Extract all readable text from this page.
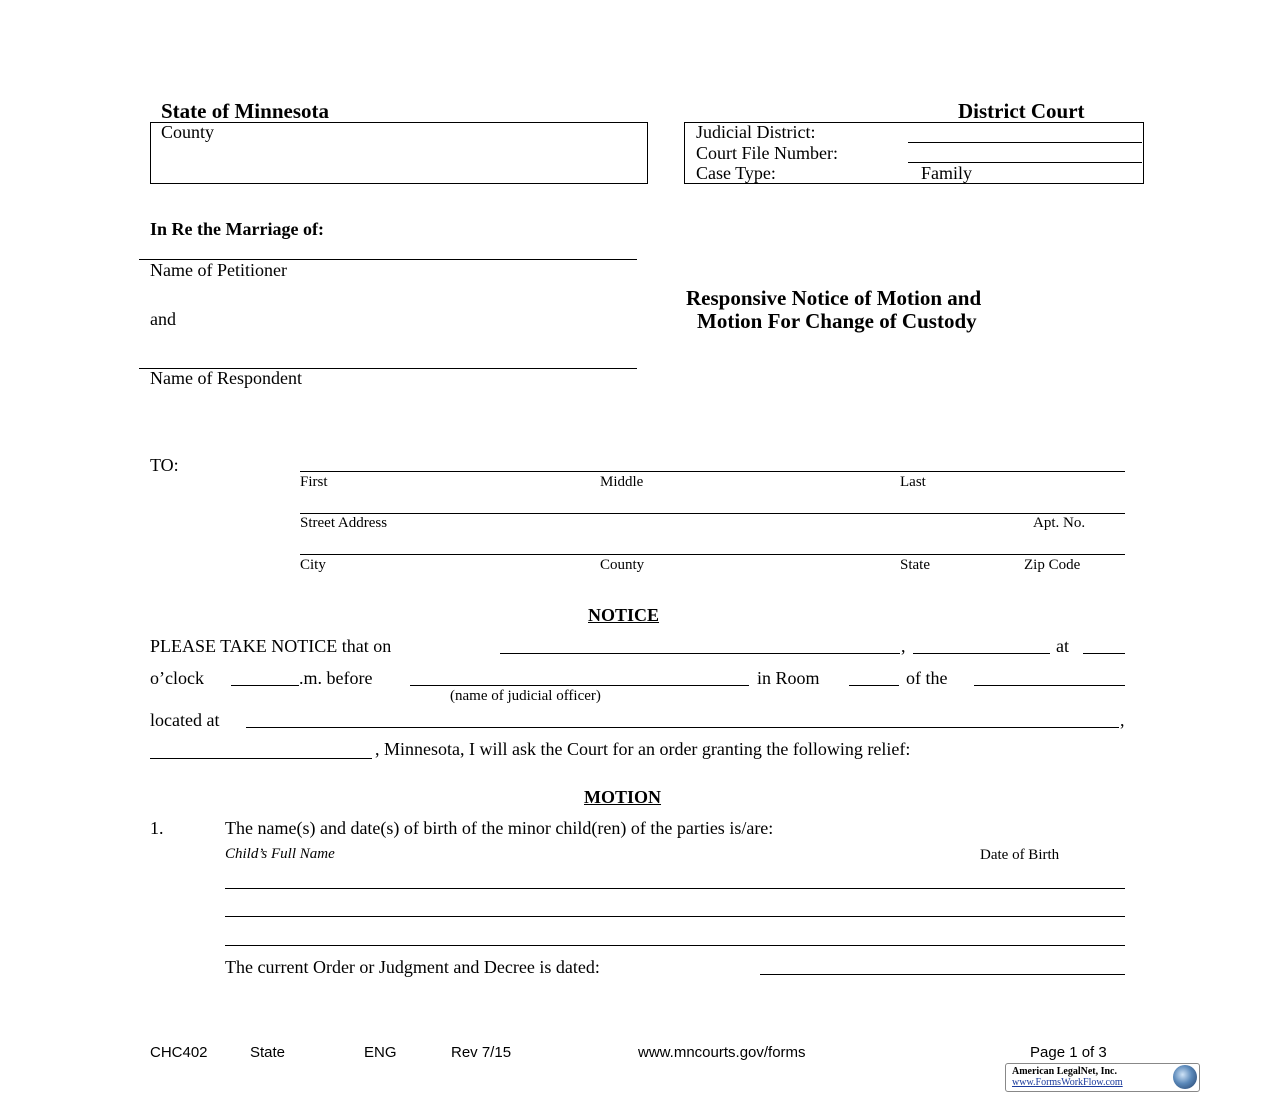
State of Minnesota	District Court
County	Judicial District:
Court File Number:
Case Type:	Family
In Re the Marriage of:
Name of Petitioner
and
Name of Respondent
Responsive Notice of Motion and
Motion For Change of Custody
TO:
First	Middle	Last
Street Address	Apt. No.
City	County	State	Zip Code
NOTICE
PLEASE TAKE NOTICE that on	,	at
o’clock	.m. before	in Room	of the
(name of judicial officer)
located at	,
, Minnesota, I will ask the Court for an order granting the following relief:
MOTION
1.	The name(s) and date(s) of birth of the minor child(ren) of the parties is/are:
Child’s Full Name	Date of Birth
The current Order or Judgment and Decree is dated:
CHC402	State	ENG	Rev 7/15	www.mncourts.gov/forms	Page 1 of 3
American LegalNet, Inc.
www.FormsWorkFlow.com
